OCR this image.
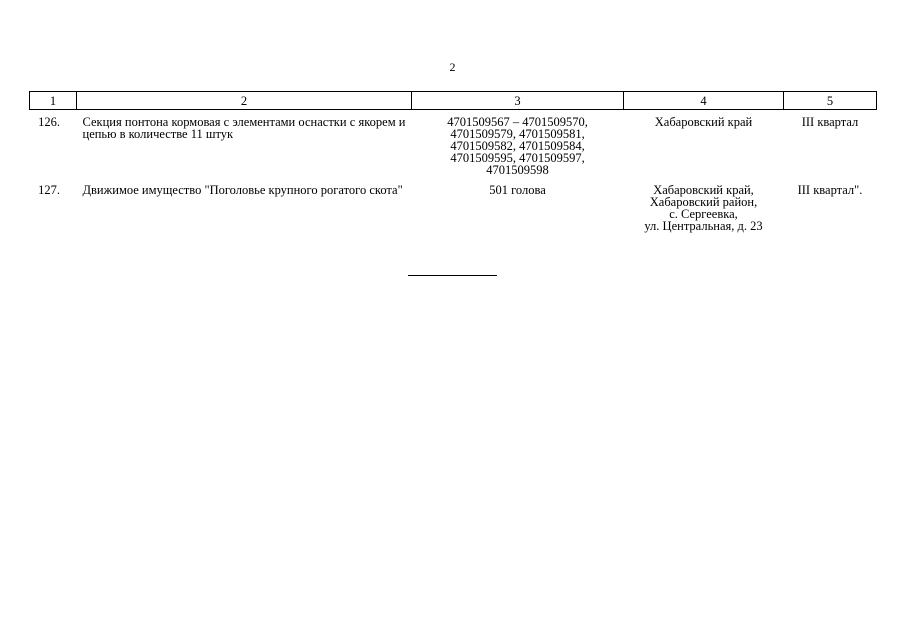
2
1	2	3	4	5
126.	Секция понтона кормовая с элементами оснастки с якорем и цепью в количестве 11 штук	4701509567 – 4701509570,
4701509579, 4701509581,
4701509582, 4701509584,
4701509595, 4701509597,
4701509598	Хабаровский край	III квартал
127.	Движимое имущество "Поголовье крупного рогатого скота"	501 голова	Хабаровский край,
Хабаровский район,
с. Сергеевка,
ул. Центральная, д. 23	III квартал".
